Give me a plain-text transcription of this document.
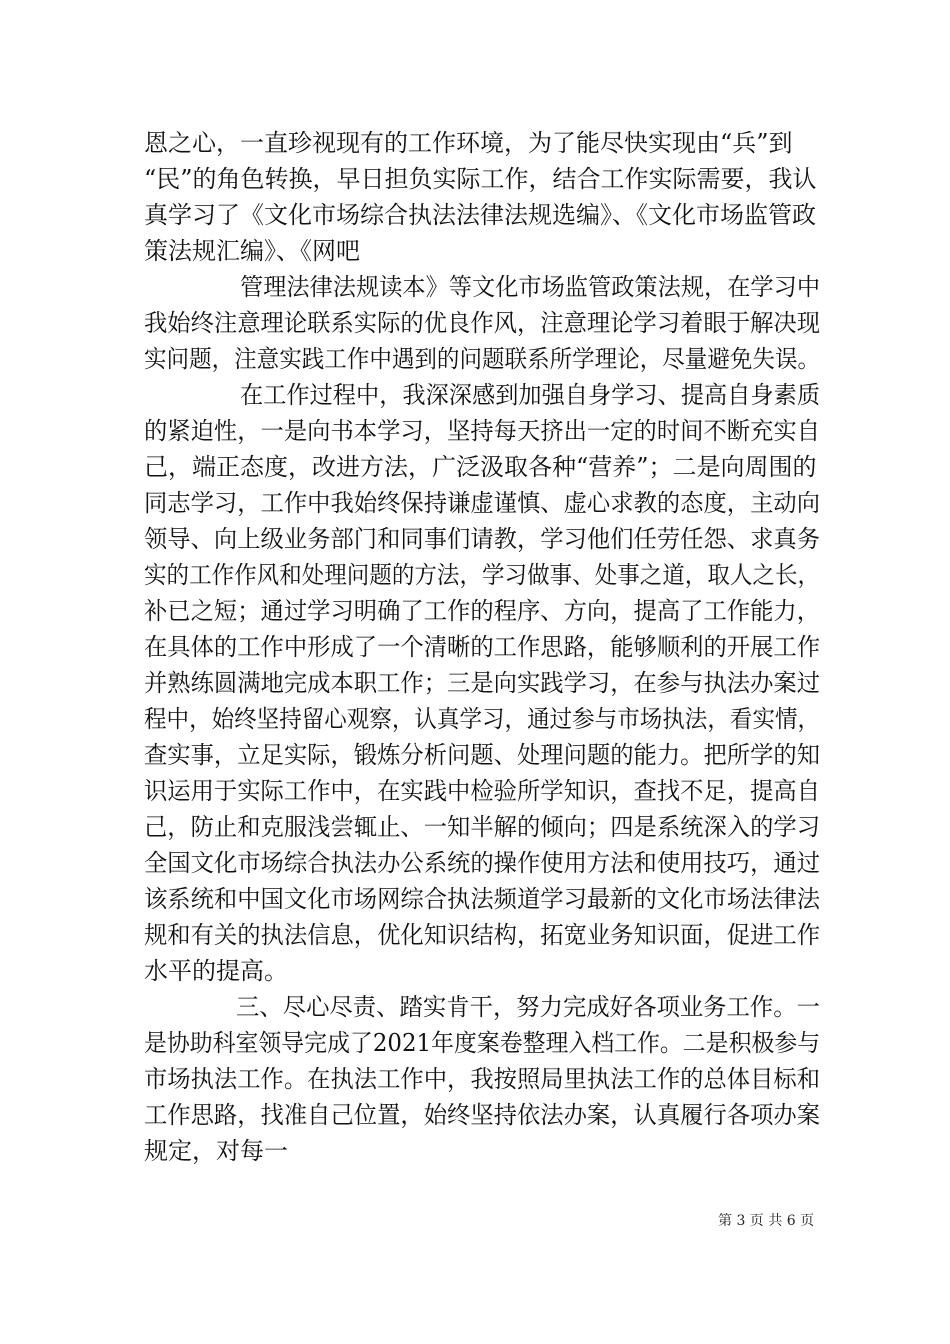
恩之心，一直珍视现有的工作环境，为了能尽快实现由“兵”到
“民”的角色转换，早日担负实际工作，结合工作实际需要，我认
真学习了《文化市场综合执法法律法规选编》、《文化市场监管政
策法规汇编》、《网吧
管理法律法规读本》等文化市场监管政策法规，在学习中
我始终注意理论联系实际的优良作风，注意理论学习着眼于解决现
实问题，注意实践工作中遇到的问题联系所学理论，尽量避免失误。
在工作过程中，我深深感到加强自身学习、提高自身素质
的紧迫性，一是向书本学习，坚持每天挤出一定的时间不断充实自
己，端正态度，改进方法，广泛汲取各种“营养”；二是向周围的
同志学习，工作中我始终保持谦虚谨慎、虚心求教的态度，主动向
领导、向上级业务部门和同事们请教，学习他们任劳任怨、求真务
实的工作作风和处理问题的方法，学习做事、处事之道，取人之长，
补已之短；通过学习明确了工作的程序、方向，提高了工作能力，
在具体的工作中形成了一个清晰的工作思路，能够顺利的开展工作
并熟练圆满地完成本职工作；三是向实践学习，在参与执法办案过
程中，始终坚持留心观察，认真学习，通过参与市场执法，看实情，
查实事，立足实际，锻炼分析问题、处理问题的能力。把所学的知
识运用于实际工作中，在实践中检验所学知识，查找不足，提高自
己，防止和克服浅尝辄止、一知半解的倾向；四是系统深入的学习
全国文化市场综合执法办公系统的操作使用方法和使用技巧，通过
该系统和中国文化市场网综合执法频道学习最新的文化市场法律法
规和有关的执法信息，优化知识结构，拓宽业务知识面，促进工作
水平的提高。
三、尽心尽责、踏实肯干，努力完成好各项业务工作。一
是协助科室领导完成了2021年度案卷整理入档工作。二是积极参与
市场执法工作。在执法工作中，我按照局里执法工作的总体目标和
工作思路，找准自己位置，始终坚持依法办案，认真履行各项办案
规定，对每一
第 3 页 共 6 页
